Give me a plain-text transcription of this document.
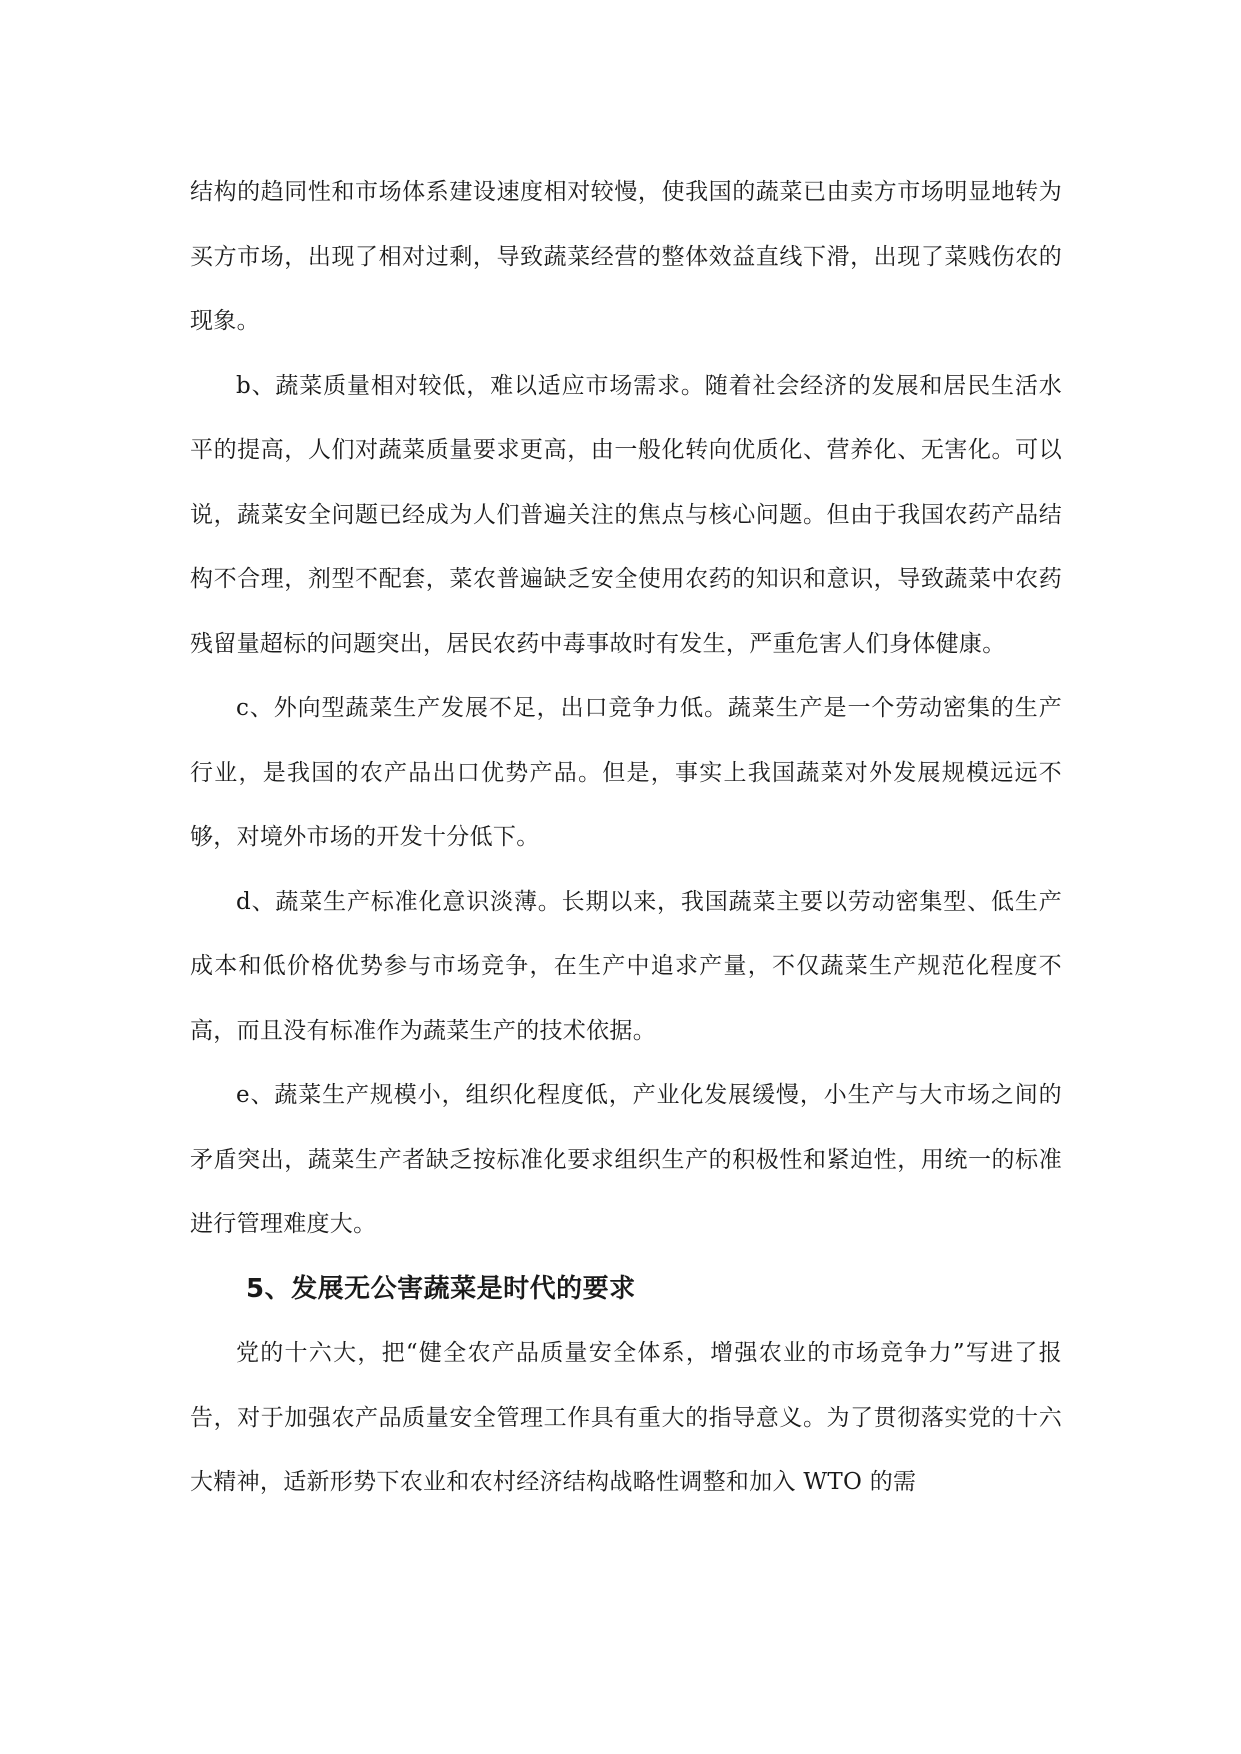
结构的趋同性和市场体系建设速度相对较慢，使我国的蔬菜已由卖方市场明显地转为买方市场，出现了相对过剩，导致蔬菜经营的整体效益直线下滑，出现了菜贱伤农的现象。

b、蔬菜质量相对较低，难以适应市场需求。随着社会经济的发展和居民生活水平的提高，人们对蔬菜质量要求更高，由一般化转向优质化、营养化、无害化。可以说，蔬菜安全问题已经成为人们普遍关注的焦点与核心问题。但由于我国农药产品结构不合理，剂型不配套，菜农普遍缺乏安全使用农药的知识和意识，导致蔬菜中农药残留量超标的问题突出，居民农药中毒事故时有发生，严重危害人们身体健康。

c、外向型蔬菜生产发展不足，出口竞争力低。蔬菜生产是一个劳动密集的生产行业，是我国的农产品出口优势产品。但是，事实上我国蔬菜对外发展规模远远不够，对境外市场的开发十分低下。

d、蔬菜生产标准化意识淡薄。长期以来，我国蔬菜主要以劳动密集型、低生产成本和低价格优势参与市场竞争，在生产中追求产量，不仅蔬菜生产规范化程度不高，而且没有标准作为蔬菜生产的技术依据。

e、蔬菜生产规模小，组织化程度低，产业化发展缓慢，小生产与大市场之间的矛盾突出，蔬菜生产者缺乏按标准化要求组织生产的积极性和紧迫性，用统一的标准进行管理难度大。

5、发展无公害蔬菜是时代的要求

党的十六大，把“健全农产品质量安全体系，增强农业的市场竞争力”写进了报告，对于加强农产品质量安全管理工作具有重大的指导意义。为了贯彻落实党的十六大精神，适新形势下农业和农村经济结构战略性调整和加入 WTO 的需
